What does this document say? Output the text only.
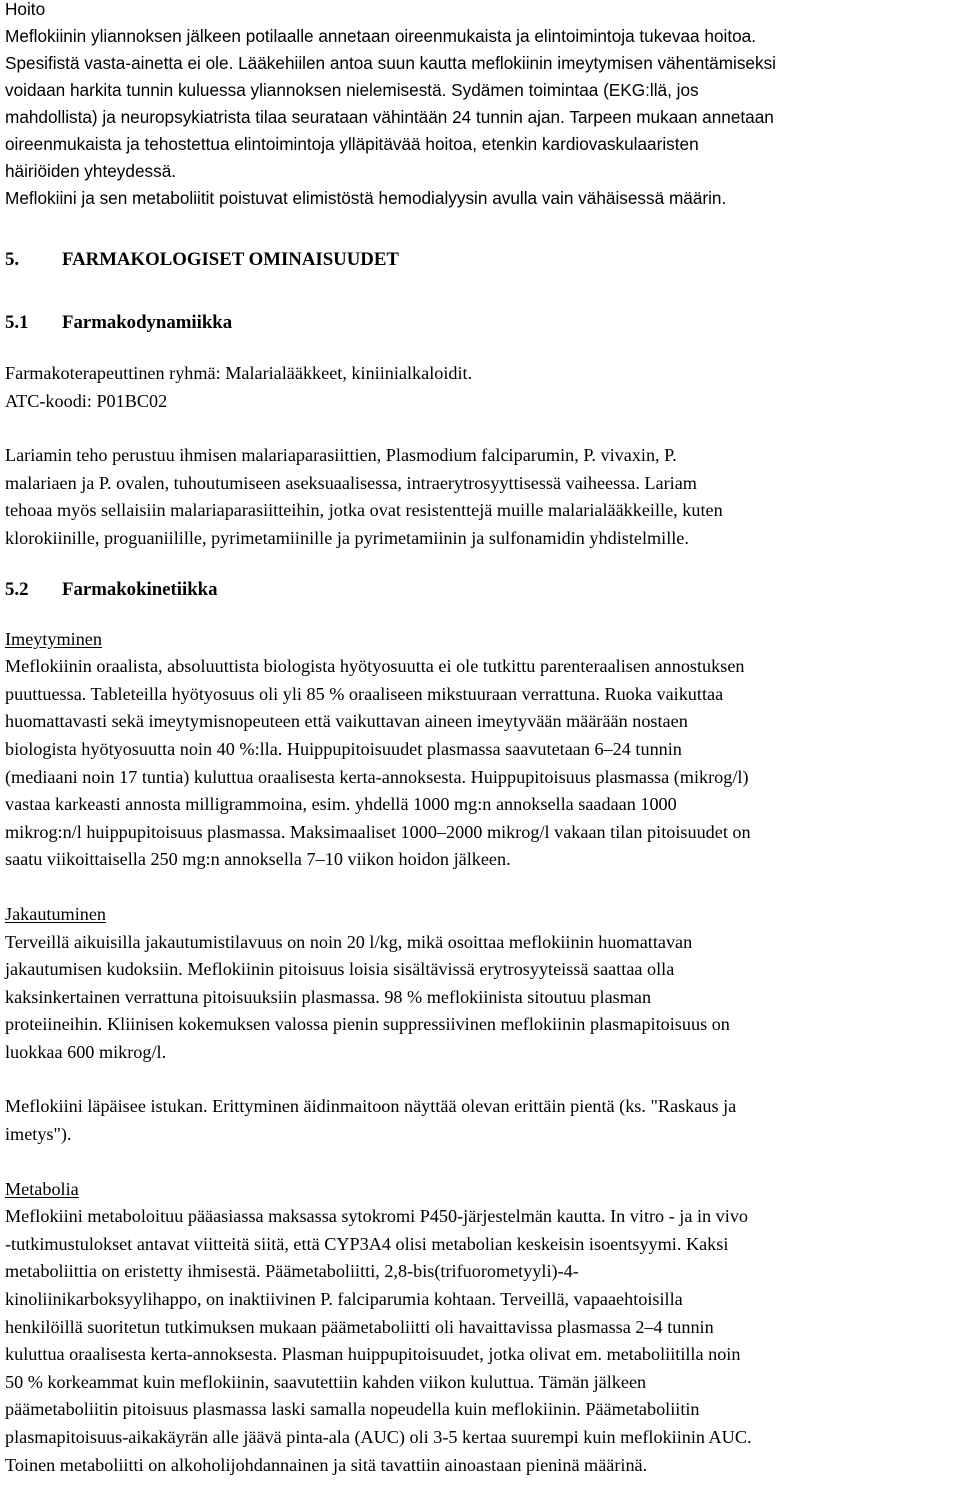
Hoito
Meflokiinin yliannoksen jälkeen potilaalle annetaan oireenmukaista ja elintoimintoja tukevaa hoitoa.
Spesifistä vasta-ainetta ei ole. Lääkehiilen antoa suun kautta meflokiinin imeytymisen vähentämiseksi
voidaan harkita tunnin kuluessa yliannoksen nielemisestä. Sydämen toimintaa (EKG:llä, jos
mahdollista) ja neuropsykiatrista tilaa seurataan vähintään 24 tunnin ajan. Tarpeen mukaan annetaan
oireenmukaista ja tehostettua elintoimintoja ylläpitävää hoitoa, etenkin kardiovaskulaaristen
häiriöiden yhteydessä.
Meflokiini ja sen metaboliitit poistuvat elimistöstä hemodialyysin avulla vain vähäisessä määrin.
5. FARMAKOLOGISET OMINAISUUDET
5.1 Farmakodynamiikka
Farmakoterapeuttinen ryhmä: Malarialääkkeet, kiniinialkaloidit.
ATC-koodi: P01BC02
Lariamin teho perustuu ihmisen malariaparasiittien, Plasmodium falciparumin, P. vivaxin, P.
malariaen ja P. ovalen, tuhoutumiseen aseksuaalisessa, intraerytrosyyttisessä vaiheessa. Lariam
tehoaa myös sellaisiin malariaparasiitteihin, jotka ovat resistenttejä muille malarialääkkeille, kuten
klorokiinille, proguaniilille, pyrimetamiinille ja pyrimetamiinin ja sulfonamidin yhdistelmille.
5.2 Farmakokinetiikka
Imeytyminen
Meflokiinin oraalista, absoluuttista biologista hyötyosuutta ei ole tutkittu parenteraalisen annostuksen
puuttuessa. Tableteilla hyötyosuus oli yli 85 % oraaliseen mikstuuraan verrattuna. Ruoka vaikuttaa
huomattavasti sekä imeytymisnopeuteen että vaikuttavan aineen imeytyvään määrään nostaen
biologista hyötyosuutta noin 40 %:lla. Huippupitoisuudet plasmassa saavutetaan 6–24 tunnin
(mediaani noin 17 tuntia) kuluttua oraalisesta kerta-annoksesta. Huippupitoisuus plasmassa (mikrog/l)
vastaa karkeasti annosta milligrammoina, esim. yhdellä 1000 mg:n annoksella saadaan 1000
mikrog:n/l huippupitoisuus plasmassa. Maksimaaliset 1000–2000 mikrog/l vakaan tilan pitoisuudet on
saatu viikoittaisella 250 mg:n annoksella 7–10 viikon hoidon jälkeen.
Jakautuminen
Terveillä aikuisilla jakautumistilavuus on noin 20 l/kg, mikä osoittaa meflokiinin huomattavan
jakautumisen kudoksiin. Meflokiinin pitoisuus loisia sisältävissä erytrosyyteissä saattaa olla
kaksinkertainen verrattuna pitoisuuksiin plasmassa. 98 % meflokiinista sitoutuu plasman
proteiineihin. Kliinisen kokemuksen valossa pienin suppressiivinen meflokiinin plasmapitoisuus on
luokkaa 600 mikrog/l.
Meflokiini läpäisee istukan. Erittyminen äidinmaitoon näyttää olevan erittäin pientä (ks. "Raskaus ja
imetys").
Metabolia
Meflokiini metaboloituu pääasiassa maksassa sytokromi P450-järjestelmän kautta. In vitro - ja in vivo
-tutkimustulokset antavat viitteitä siitä, että CYP3A4 olisi metabolian keskeisin isoentsyymi. Kaksi
metaboliittia on eristetty ihmisestä. Päämetaboliitti, 2,8-bis(trifuorometyyli)-4-
kinoliinikarboksyylihappo, on inaktiivinen P. falciparumia kohtaan. Terveillä, vapaaehtoisilla
henkilöillä suoritetun tutkimuksen mukaan päämetaboliitti oli havaittavissa plasmassa 2–4 tunnin
kuluttua oraalisesta kerta-annoksesta. Plasman huippupitoisuudet, jotka olivat em. metaboliitilla noin
50 % korkeammat kuin meflokiinin, saavutettiin kahden viikon kuluttua. Tämän jälkeen
päämetaboliitin pitoisuus plasmassa laski samalla nopeudella kuin meflokiinin. Päämetaboliitin
plasmapitoisuus-aikakäyrän alle jäävä pinta-ala (AUC) oli 3-5 kertaa suurempi kuin meflokiinin AUC.
Toinen metaboliitti on alkoholijohdannainen ja sitä tavattiin ainoastaan pieninä määrinä.
